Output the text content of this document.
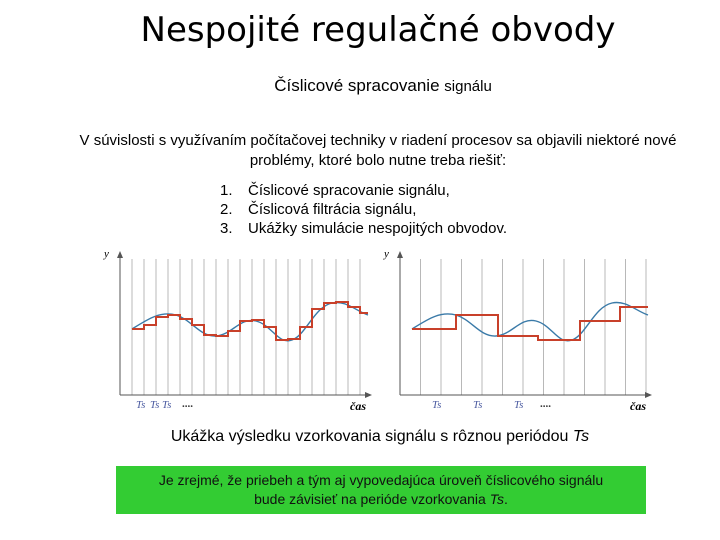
Nespojité regulačné obvody
Číslicové spracovanie signálu
V súvislosti s využívaním počítačovej techniky v riadení procesov sa objavili niektoré nové problémy, ktoré bolo nutne treba riešiť:
1. Číslicové spracovanie signálu,
2. Číslicová filtrácia signálu,
3. Ukážky simulácie nespojitých obvodov.
y
čas
Ts Ts Ts ....
y
čas
Ts	Ts	Ts ....
Ukážka výsledku vzorkovania signálu s rôznou periódou Ts
Je zrejmé, že priebeh a tým aj vypovedajúca úroveň číslicového signálu
bude závisieť na perióde vzorkovania Ts.
